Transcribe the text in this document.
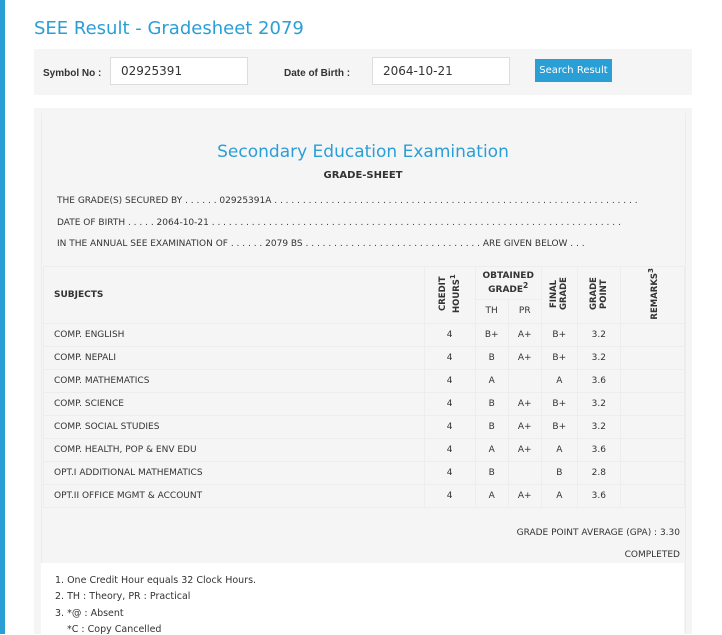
SEE Result - Gradesheet 2079
Symbol No :
02925391	Date of Birth :
2064-10-21	Search Result
Secondary Education Examination
GRADE-SHEET
THE GRADE(S) SECURED BY . . . . . . 02925391A . . . . . . . . . . . . . . . . . . . . . . . . . . . . . . . . . . . . . . . . . . . . . . . . . . . . . . . . . . . . . . . .
DATE OF BIRTH . . . . . 2064-10-21 . . . . . . . . . . . . . . . . . . . . . . . . . . . . . . . . . . . . . . . . . . . . . . . . . . . . . . . . . . . . . . . . . . . . . . . .
IN THE ANNUAL SEE EXAMINATION OF . . . . . . 2079 BS . . . . . . . . . . . . . . . . . . . . . . . . . . . . . . . ARE GIVEN BELOW . . .
SUBJECTS	CREDIT HOURS$^1$	OBTAINED GRADE$^2$		FINAL GRADE	GRADE POINT	REMARKS$^3$
		TH	PR			
COMP. ENGLISH	4	B+	A+	B+	3.2	
COMP. NEPALI	4	B	A+	B+	3.2	
COMP. MATHEMATICS	4	A		A	3.6	
COMP. SCIENCE	4	B	A+	B+	3.2	
COMP. SOCIAL STUDIES	4	B	A+	B+	3.2	
COMP. HEALTH, POP & ENV EDU	4	A	A+	A	3.6	
OPT.I ADDITIONAL MATHEMATICS	4	B		B	2.8	
OPT.II OFFICE MGMT & ACCOUNT	4	A	A+	A	3.6	
GRADE POINT AVERAGE (GPA) : 3.30
COMPLETED
1. One Credit Hour equals 32 Clock Hours.
2. TH : Theory, PR : Practical
3. *@ : Absent
*C : Copy Cancelled
